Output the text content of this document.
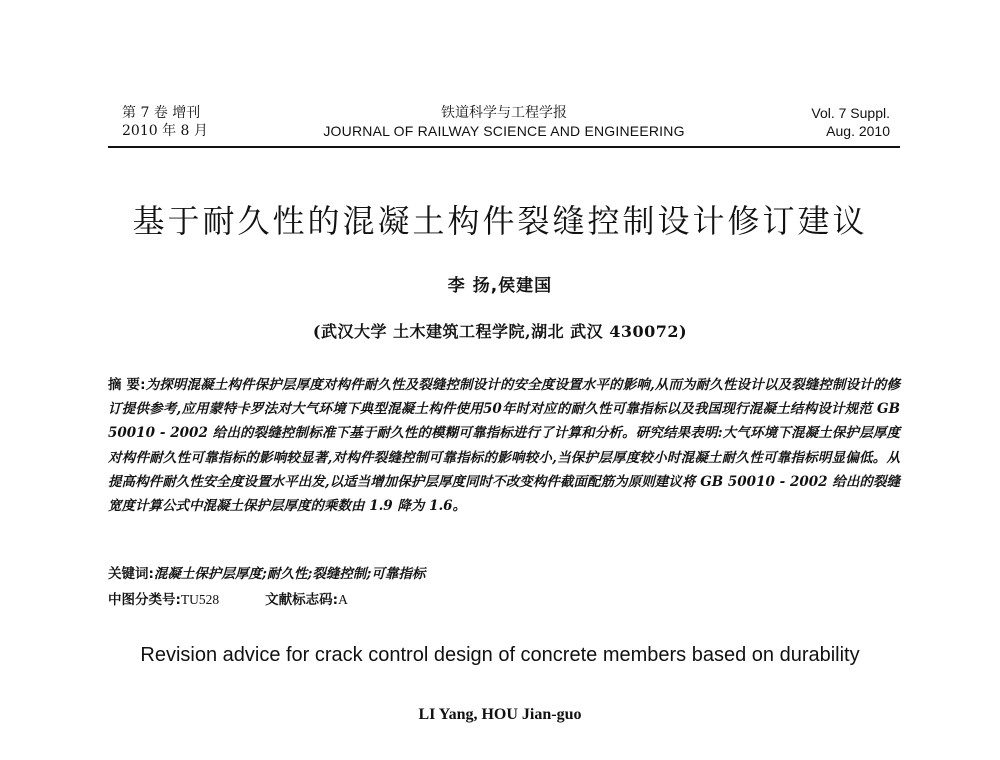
第 7 卷 增刊
2010 年 8 月
铁道科学与工程学报
JOURNAL OF RAILWAY SCIENCE AND ENGINEERING
Vol. 7 Suppl.
Aug. 2010
基于耐久性的混凝土构件裂缝控制设计修订建议
李 扬,侯建国
(武汉大学 土木建筑工程学院,湖北 武汉 430072)
摘 要:为探明混凝土构件保护层厚度对构件耐久性及裂缝控制设计的安全度设置水平的影响,从而为耐久性设计以及裂缝控制设计的修订提供参考,应用蒙特卡罗法对大气环境下典型混凝土构件使用50年时对应的耐久性可靠指标以及我国现行混凝土结构设计规范 GB 50010 - 2002 给出的裂缝控制标准下基于耐久性的模糊可靠指标进行了计算和分析。研究结果表明:大气环境下混凝土保护层厚度对构件耐久性可靠指标的影响较显著,对构件裂缝控制可靠指标的影响较小,当保护层厚度较小时混凝土耐久性可靠指标明显偏低。从提高构件耐久性安全度设置水平出发,以适当增加保护层厚度同时不改变构件截面配筋为原则建议将 GB 50010 - 2002 给出的裂缝宽度计算公式中混凝土保护层厚度的乘数由 1.9 降为 1.6。
关键词:混凝土保护层厚度;耐久性;裂缝控制;可靠指标
中图分类号:TU528	文献标志码:A
Revision advice for crack control design of concrete members based on durability
LI Yang, HOU Jian-guo
